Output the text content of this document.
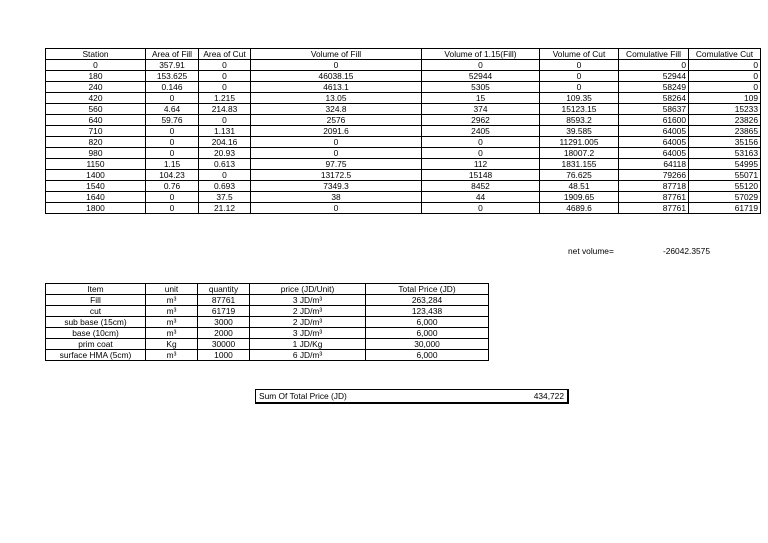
Station	Area of Fill	Area of Cut	Volume of Fill	Volume of 1.15(Fill)	Volume of Cut	Comulative Fill	Comulative Cut
0	357.91	0	0	0	0	0	0
180	153.625	0	46038.15	52944	0	52944	0
240	0.146	0	4613.1	5305	0	58249	0
420	0	1.215	13.05	15	109.35	58264	109
560	4.64	214.83	324.8	374	15123.15	58637	15233
640	59.76	0	2576	2962	8593.2	61600	23826
710	0	1.131	2091.6	2405	39.585	64005	23865
820	0	204.16	0	0	11291.005	64005	35156
980	0	20.93	0	0	18007.2	64005	53163
1150	1.15	0.613	97.75	112	1831.155	64118	54995
1400	104.23	0	13172.5	15148	76.625	79266	55071
1540	0.76	0.693	7349.3	8452	48.51	87718	55120
1640	0	37.5	38	44	1909.65	87761	57029
1800	0	21.12	0	0	4689.6	87761	61719
net volume=	-26042.3575
Item	unit	quantity	price (JD/Unit)	Total Price (JD)
Fill	m³	87761	3 JD/m³	263,284
cut	m³	61719	2 JD/m³	123,438
sub base (15cm)	m³	3000	2 JD/m³	6,000
base (10cm)	m³	2000	3 JD/m³	6,000
prim coat	Kg	30000	1 JD/Kg	30,000
surface HMA (5cm)	m³	1000	6 JD/m³	6,000
Sum Of Total Price (JD)	434,722
